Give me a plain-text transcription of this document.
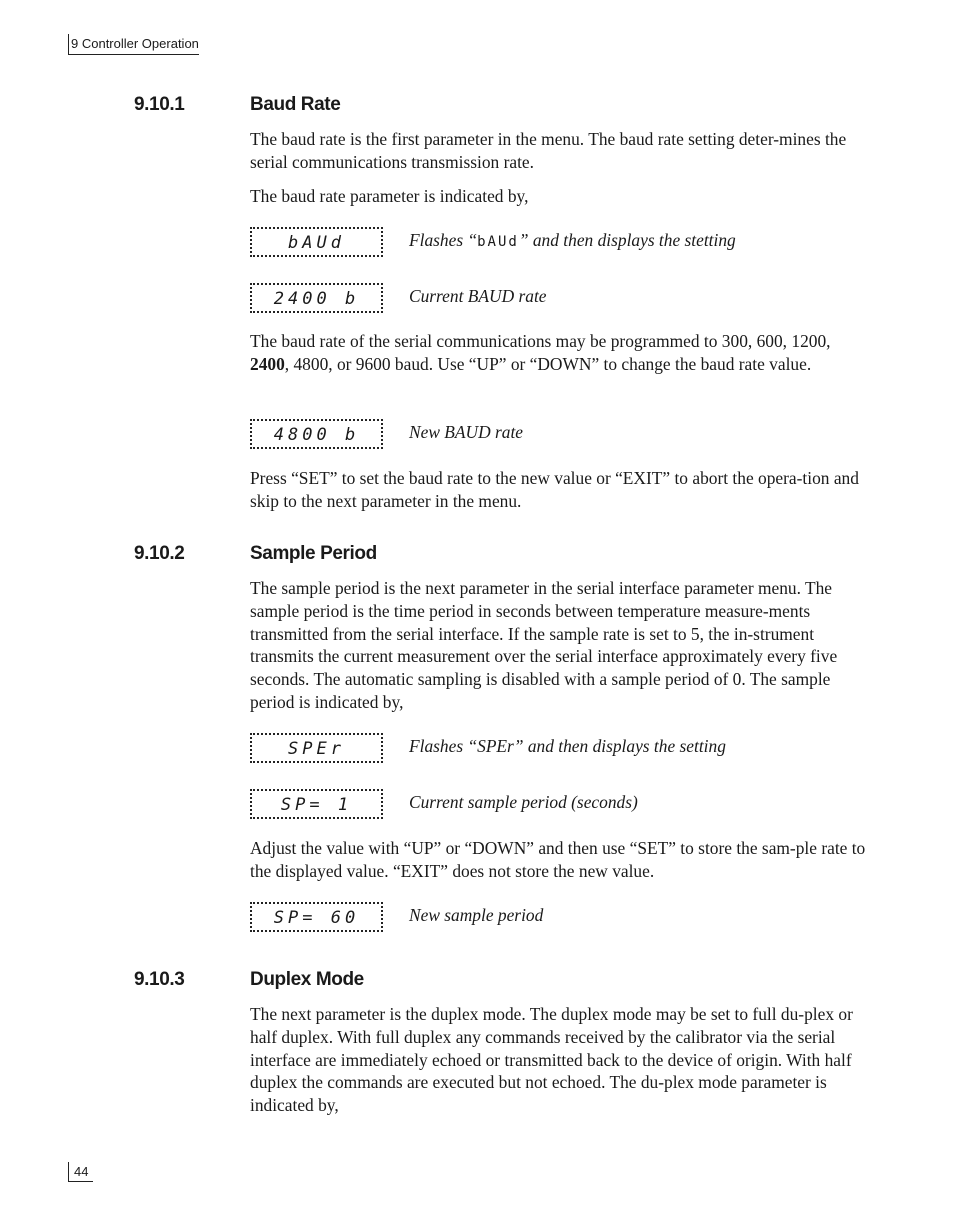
9 Controller Operation
9.10.1	Baud Rate

The baud rate is the first parameter in the menu. The baud rate setting deter-mines the serial communications transmission rate.

The baud rate parameter is indicated by,

bAUd	Flashes “bAUd” and then displays the stetting
2400 b	Current BAUD rate

The baud rate of the serial communications may be programmed to 300, 600, 1200, 2400, 4800, or 9600 baud. Use “UP” or “DOWN” to change the baud rate value.

4800 b	New BAUD rate

Press “SET” to set the baud rate to the new value or “EXIT” to abort the opera-tion and skip to the next parameter in the menu.

9.10.2	Sample Period

The sample period is the next parameter in the serial interface parameter menu. The sample period is the time period in seconds between temperature measure-ments transmitted from the serial interface. If the sample rate is set to 5, the in-strument transmits the current measurement over the serial interface approximately every five seconds. The automatic sampling is disabled with a sample period of 0. The sample period is indicated by,

SPEr	Flashes “SPEr” and then displays the setting
SP= 1	Current sample period (seconds)

Adjust the value with “UP” or “DOWN” and then use “SET” to store the sam-ple rate to the displayed value. “EXIT” does not store the new value.

SP= 60	New sample period
9.10.3	Duplex Mode

The next parameter is the duplex mode. The duplex mode may be set to full du-plex or half duplex. With full duplex any commands received by the calibrator via the serial interface are immediately echoed or transmitted back to the device of origin. With half duplex the commands are executed but not echoed. The du-plex mode parameter is indicated by,

44
